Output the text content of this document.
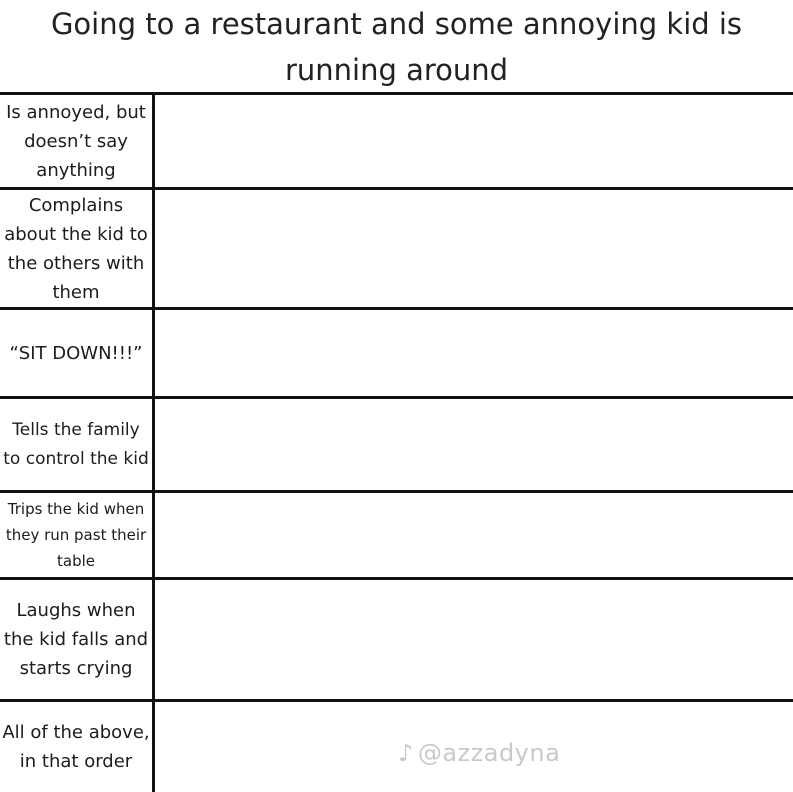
Going to a restaurant and some annoying kid is running around
Is annoyed, but doesn’t say anything
Complains about the kid to the others with them
“SIT DOWN!!!”
Tells the family to control the kid
Trips the kid when they run past their table
Laughs when the kid falls and starts crying
All of the above, in that order	♪ @azzadyna
